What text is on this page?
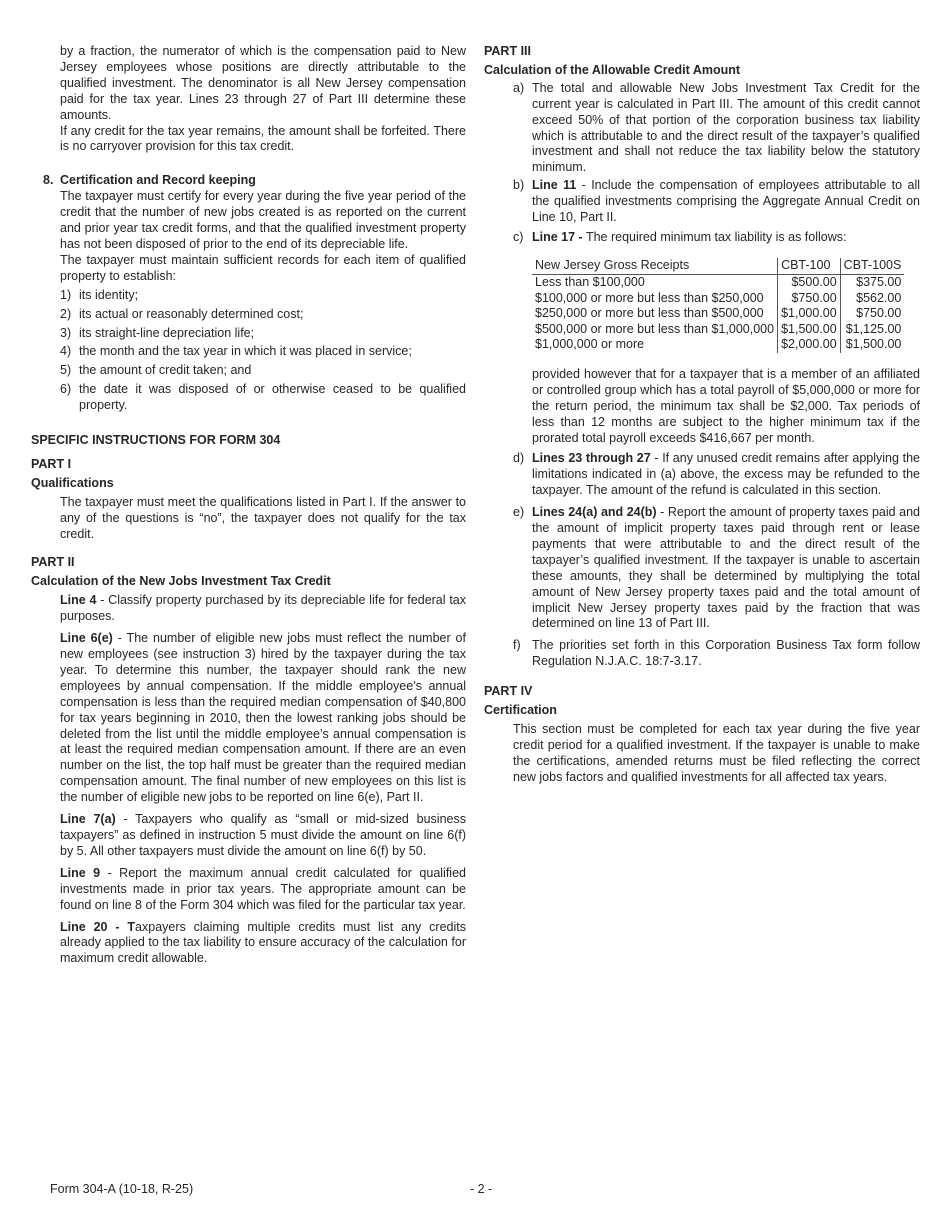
by a fraction, the numerator of which is the compensation paid to New Jersey employees whose positions are directly attributable to the qualified investment. The denominator is all New Jersey compensation paid for the tax year. Lines 23 through 27 of Part III determine these amounts.

If any credit for the tax year remains, the amount shall be forfeited. There is no carryover provision for this tax credit.

8. Certification and Record keeping

The taxpayer must certify for every year during the five year period of the credit that the number of new jobs created is as reported on the current and prior year tax credit forms, and that the qualified investment property has not been disposed of prior to the end of its depreciable life.

The taxpayer must maintain sufficient records for each item of qualified property to establish:

1) its identity;
2) its actual or reasonably determined cost;
3) its straight-line depreciation life;
4) the month and the tax year in which it was placed in service;
5) the amount of credit taken; and
6) the date it was disposed of or otherwise ceased to be qualified property.

SPECIFIC INSTRUCTIONS FOR FORM 304

PART I

Qualifications

The taxpayer must meet the qualifications listed in Part I. If the answer to any of the questions is “no”, the taxpayer does not qualify for the tax credit.

PART II

Calculation of the New Jobs Investment Tax Credit

Line 4 - Classify property purchased by its depreciable life for federal tax purposes.

Line 6(e) - The number of eligible new jobs must reflect the number of new employees (see instruction 3) hired by the taxpayer during the tax year. To determine this number, the taxpayer should rank the new employees by annual compensation. If the middle employee’s annual compensation is less than the required median compensation of $40,800 for tax years beginning in 2010, then the lowest ranking jobs should be deleted from the list until the middle employee’s annual compensation is at least the required median compensation amount. If there are an even number on the list, the top half must be greater than the required median compensation amount. The final number of new employees on this list is the number of eligible new jobs to be reported on line 6(e), Part II.

Line 7(a) - Taxpayers who qualify as “small or mid-sized business taxpayers” as defined in instruction 5 must divide the amount on line 6(f) by 5. All other taxpayers must divide the amount on line 6(f) by 50.

Line 9 - Report the maximum annual credit calculated for qualified investments made in prior tax years. The appropriate amount can be found on line 8 of the Form 304 which was filed for the particular tax year.

Line 20 - Taxpayers claiming multiple credits must list any credits already applied to the tax liability to ensure accuracy of the calculation for maximum credit allowable.

PART III

Calculation of the Allowable Credit Amount

a) The total and allowable New Jobs Investment Tax Credit for the current year is calculated in Part III. The amount of this credit cannot exceed 50% of that portion of the corporation business tax liability which is attributable to and the direct result of the taxpayer’s qualified investment and shall not reduce the tax liability below the statutory minimum.
b) Line 11 - Include the compensation of employees attributable to all the qualified investments comprising the Aggregate Annual Credit on Line 10, Part II.
c) Line 17 - The required minimum tax liability is as follows:
New Jersey Gross Receipts	CBT-100	CBT-100S
Less than $100,000	$500.00	$375.00
$100,000 or more but less than $250,000	$750.00	$562.00
$250,000 or more but less than $500,000	$1,000.00	$750.00
$500,000 or more but less than $1,000,000	$1,500.00	$1,125.00
$1,000,000 or more	$2,000.00	$1,500.00

provided however that for a taxpayer that is a member of an affiliated or controlled group which has a total payroll of $5,000,000 or more for the return period, the minimum tax shall be $2,000. Tax periods of less than 12 months are subject to the higher minimum tax if the prorated total payroll exceeds $416,667 per month.

d) Lines 23 through 27 - If any unused credit remains after applying the limitations indicated in (a) above, the excess may be refunded to the taxpayer. The amount of the refund is calculated in this section.
e) Lines 24(a) and 24(b) - Report the amount of property taxes paid and the amount of implicit property taxes paid through rent or lease payments that were attributable to and the direct result of the taxpayer’s qualified investment. If the taxpayer is unable to ascertain these amounts, they shall be determined by multiplying the total amount of New Jersey property taxes paid and the total amount of implicit New Jersey property taxes paid by the fraction that was determined on line 13 of Part III.
f) The priorities set forth in this Corporation Business Tax form follow Regulation N.J.A.C. 18:7-3.17.

PART IV

Certification

This section must be completed for each tax year during the five year credit period for a qualified investment. If the taxpayer is unable to make the certifications, amended returns must be filed reflecting the correct new jobs factors and qualified investments for all affected tax years.

Form 304-A (10-18, R-25)	- 2 -
